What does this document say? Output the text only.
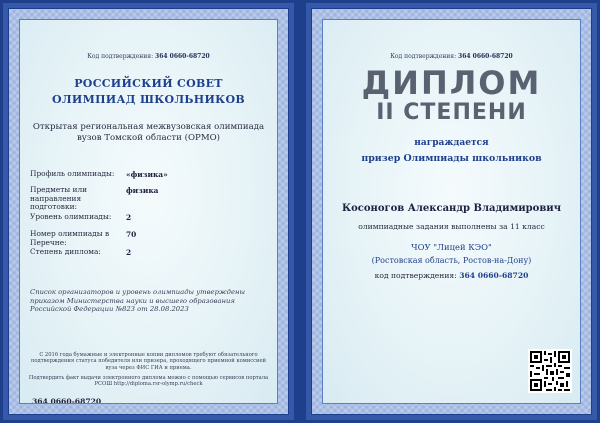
Код подтверждения: 364 0660-68720
РОССИЙСКИЙ СОВЕТ
ОЛИМПИАД ШКОЛЬНИКОВ
Открытая региональная межвузовская олимпиада вузов Томской области (ОРМО)
Профиль олимпиады:	«физика»
Предметы или направления подготовки:
физика
Уровень олимпиады:	2
Номер олимпиады в Перечне:
70
Степень диплома:	2
Список организаторов и уровень олимпиады утверждены приказом Министерства науки и высшего образования Российской Федерации №823 от 28.08.2023
С 2016 года бумажные и электронные копии дипломов требуют обязательного подтверждения статуса победителя или призера, проходящего приемной комиссией вуза через ФИС ГИА и приема.
Подтвердить факт выдачи электронного диплома можно с помощью сервисов портала РСОШ http://diploma.rsr-olymp.ru/check
364 0660-68720
Код подтверждения: 364 0660-68720
ДИПЛОМ
II СТЕПЕНИ
награждается
призер Олимпиады школьников
Косоногов Александр Владимирович
олимпиадные задания выполнены за 11 класс
ЧОУ "Лицей КЭО"
(Ростовская область, Ростов-на-Дону)
код подтверждения: 364 0660-68720
